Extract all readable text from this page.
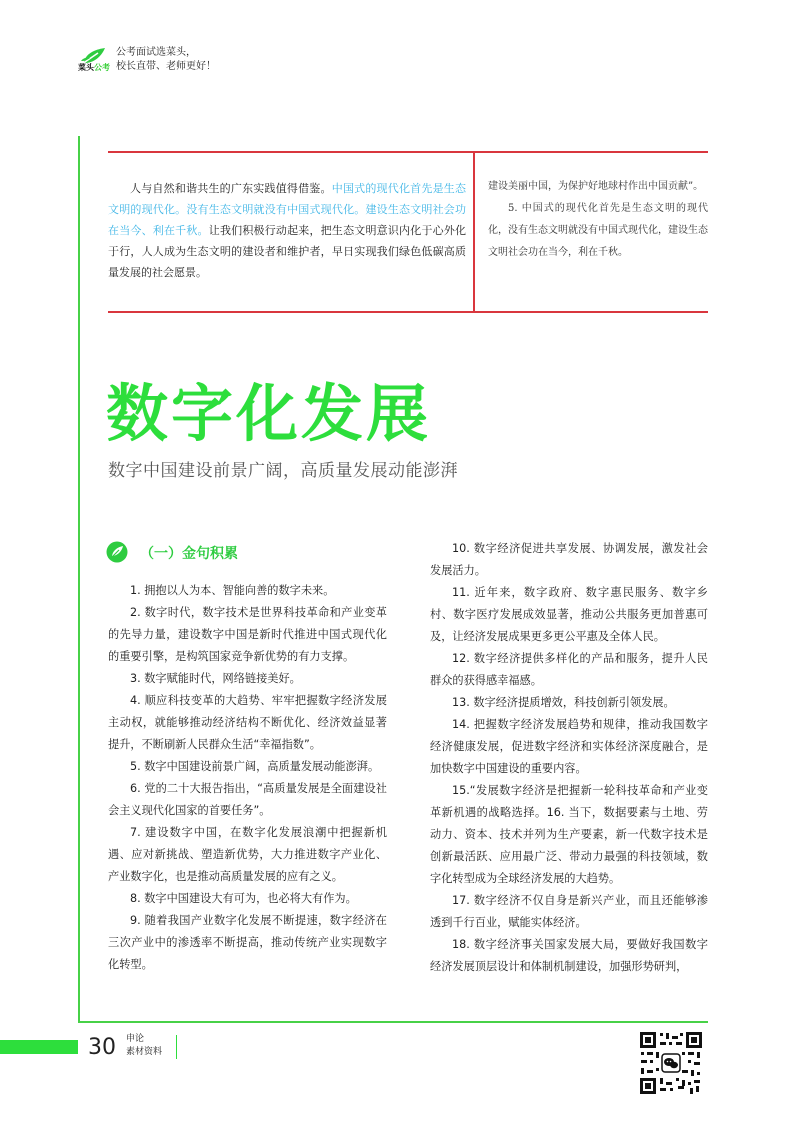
菜头公考
公考面试选菜头，
校长直带、老师更好！
人与自然和谐共生的广东实践值得借鉴。中国式的现代化首先是生态文明的现代化。没有生态文明就没有中国式现代化。建设生态文明社会功在当今、利在千秋。让我们积极行动起来，把生态文明意识内化于心外化于行，人人成为生态文明的建设者和维护者，早日实现我们绿色低碳高质量发展的社会愿景。

建设美丽中国，为保护好地球村作出中国贡献”。

5. 中国式的现代化首先是生态文明的现代化，没有生态文明就没有中国式现代化，建设生态文明社会功在当今，利在千秋。

数字化发展
数字中国建设前景广阔，高质量发展动能澎湃
（一）金句积累

1. 拥抱以人为本、智能向善的数字未来。

2. 数字时代，数字技术是世界科技革命和产业变革的先导力量，建设数字中国是新时代推进中国式现代化的重要引擎，是构筑国家竞争新优势的有力支撑。

3. 数字赋能时代，网络链接美好。

4. 顺应科技变革的大趋势、牢牢把握数字经济发展主动权，就能够推动经济结构不断优化、经济效益显著提升，不断刷新人民群众生活“幸福指数”。

5. 数字中国建设前景广阔，高质量发展动能澎湃。

6. 党的二十大报告指出，“高质量发展是全面建设社会主义现代化国家的首要任务”。

7. 建设数字中国，在数字化发展浪潮中把握新机遇、应对新挑战、塑造新优势，大力推进数字产业化、产业数字化，也是推动高质量发展的应有之义。

8. 数字中国建设大有可为，也必将大有作为。

9. 随着我国产业数字化发展不断提速，数字经济在三次产业中的渗透率不断提高，推动传统产业实现数字化转型。

10. 数字经济促进共享发展、协调发展，激发社会发展活力。

11. 近年来，数字政府、数字惠民服务、数字乡村、数字医疗发展成效显著，推动公共服务更加普惠可及，让经济发展成果更多更公平惠及全体人民。

12. 数字经济提供多样化的产品和服务，提升人民群众的获得感幸福感。

13. 数字经济提质增效，科技创新引领发展。

14. 把握数字经济发展趋势和规律，推动我国数字经济健康发展，促进数字经济和实体经济深度融合，是加快数字中国建设的重要内容。

15.“发展数字经济是把握新一轮科技革命和产业变革新机遇的战略选择。16. 当下，数据要素与土地、劳动力、资本、技术并列为生产要素，新一代数字技术是创新最活跃、应用最广泛、带动力最强的科技领域，数字化转型成为全球经济发展的大趋势。

17. 数字经济不仅自身是新兴产业，而且还能够渗透到千行百业，赋能实体经济。

18. 数字经济事关国家发展大局，要做好我国数字经济发展顶层设计和体制机制建设，加强形势研判，

30 申论
素材资料
